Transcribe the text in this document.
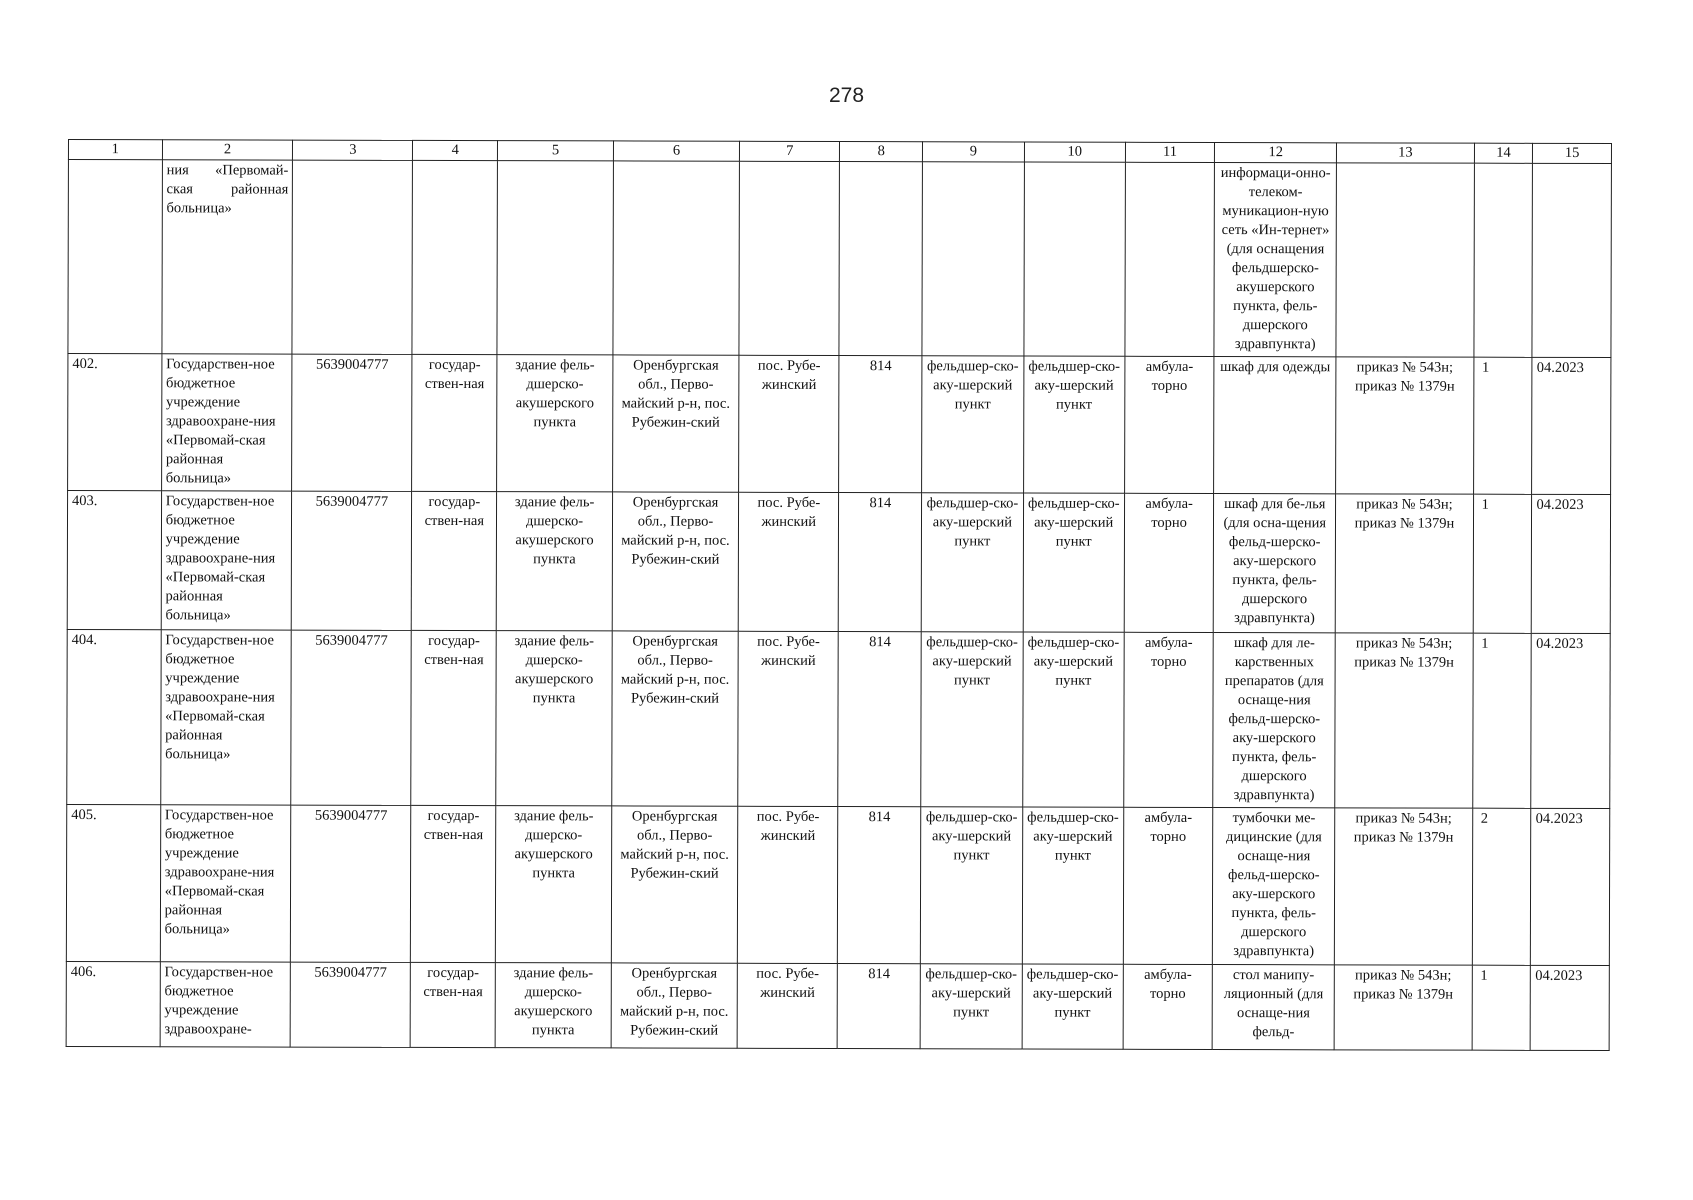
278
1	2	3	4	5	6	7	8	9	10	11	12	13	14	15
	ния «Первомай-ская районная больница»										информаци-онно-телеком-муникацион-ную сеть «Ин-тернет» (для оснащения фельдшерско-акушерского пункта, фель-дшерского здравпункта)			
402.	Государствен-ное бюджетное учреждение здравоохране-ния «Первомай-ская районная больница»	5639004777	государ-ствен-ная	здание фель-дшерско-акушерского пункта	Оренбургская обл., Перво-майский р-н, пос. Рубежин-ский	пос. Рубе-жинский	814	фельдшер-ско-аку-шерский пункт	фельдшер-ско-аку-шерский пункт	амбула-торно	шкаф для одежды	приказ № 543н; приказ № 1379н	1	04.2023
403.	Государствен-ное бюджетное учреждение здравоохране-ния «Первомай-ская районная больница»	5639004777	государ-ствен-ная	здание фель-дшерско-акушерского пункта	Оренбургская обл., Перво-майский р-н, пос. Рубежин-ский	пос. Рубе-жинский	814	фельдшер-ско-аку-шерский пункт	фельдшер-ско-аку-шерский пункт	амбула-торно	шкаф для бе-лья (для осна-щения фельд-шерско-аку-шерского пункта, фель-дшерского здравпункта)	приказ № 543н; приказ № 1379н	1	04.2023
404.	Государствен-ное бюджетное учреждение здравоохране-ния «Первомай-ская районная больница»	5639004777	государ-ствен-ная	здание фель-дшерско-акушерского пункта	Оренбургская обл., Перво-майский р-н, пос. Рубежин-ский	пос. Рубе-жинский	814	фельдшер-ско-аку-шерский пункт	фельдшер-ско-аку-шерский пункт	амбула-торно	шкаф для ле-карственных препаратов (для оснаще-ния фельд-шерско-аку-шерского пункта, фель-дшерского здравпункта)	приказ № 543н; приказ № 1379н	1	04.2023
405.	Государствен-ное бюджетное учреждение здравоохране-ния «Первомай-ская районная больница»	5639004777	государ-ствен-ная	здание фель-дшерско-акушерского пункта	Оренбургская обл., Перво-майский р-н, пос. Рубежин-ский	пос. Рубе-жинский	814	фельдшер-ско-аку-шерский пункт	фельдшер-ско-аку-шерский пункт	амбула-торно	тумбочки ме-дицинские (для оснаще-ния фельд-шерско-аку-шерского пункта, фель-дшерского здравпункта)	приказ № 543н; приказ № 1379н	2	04.2023
406.	Государствен-ное бюджетное учреждение здравоохране-	5639004777	государ-ствен-ная	здание фель-дшерско-акушерского пункта	Оренбургская обл., Перво-майский р-н, пос. Рубежин-ский	пос. Рубе-жинский	814	фельдшер-ско-аку-шерский пункт	фельдшер-ско-аку-шерский пункт	амбула-торно	стол манипу-ляционный (для оснаще-ния фельд-	приказ № 543н; приказ № 1379н	1	04.2023
